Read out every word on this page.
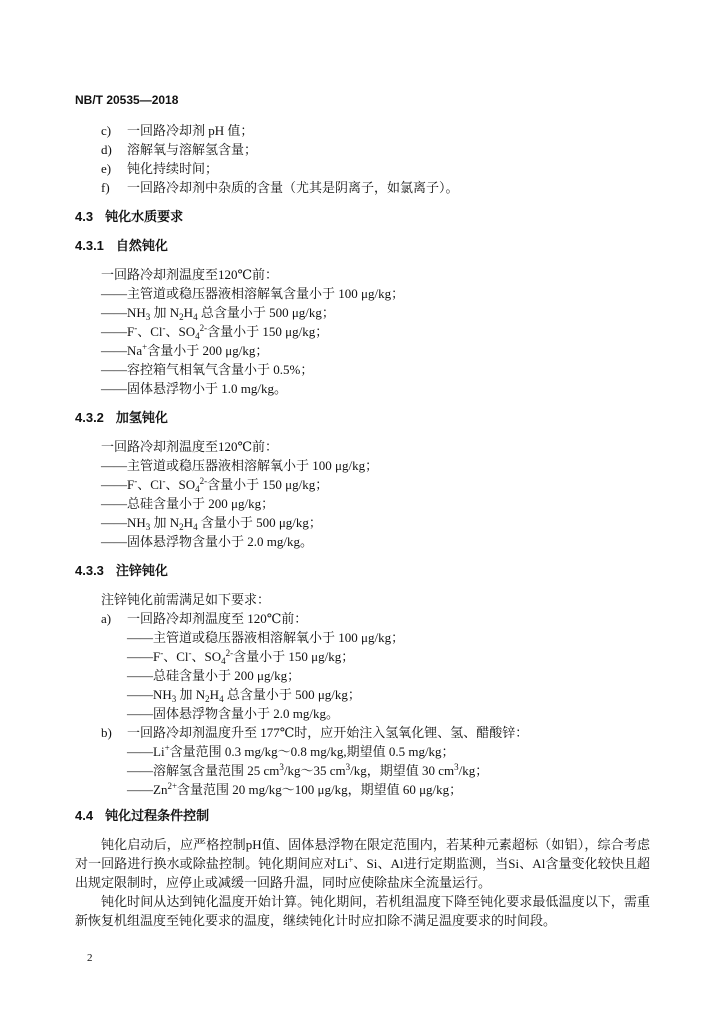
NB/T 20535—2018
c) 一回路冷却剂 pH 值；
d) 溶解氧与溶解氢含量；
e) 钝化持续时间；
f) 一回路冷却剂中杂质的含量（尤其是阴离子，如氯离子）。
4.3 钝化水质要求
4.3.1 自然钝化
一回路冷却剂温度至120℃前：
——主管道或稳压器液相溶解氧含量小于 100 μg/kg；
$——NH_3$ 加 $N_2H_4$ 总含量小于 500 μg/kg；
——F-、Cl-、$SO_4^{2-}$含量小于 150 μg/kg；
——Na+含量小于 200 μg/kg；
——容控箱气相氧气含量小于 0.5%；
——固体悬浮物小于 1.0 mg/kg。
4.3.2 加氢钝化
一回路冷却剂温度至120℃前：
——主管道或稳压器液相溶解氧小于 100 μg/kg；
——F-、Cl-、$SO_4^{2-}$含量小于 150 μg/kg；
——总硅含量小于 200 μg/kg；
$——NH_3$ 加 $N_2H_4$ 含量小于 500 μg/kg；
——固体悬浮物含量小于 2.0 mg/kg。
4.3.3 注锌钝化
注锌钝化前需满足如下要求：
a) 一回路冷却剂温度至 120℃前：
——主管道或稳压器液相溶解氧小于 100 μg/kg；
——F-、Cl-、$SO_4^{2-}$含量小于 150 μg/kg；
——总硅含量小于 200 μg/kg；
$——NH_3$ 加 $N_2H_4$ 总含量小于 500 μg/kg；
——固体悬浮物含量小于 2.0 mg/kg。
b) 一回路冷却剂温度升至 177℃时，应开始注入氢氧化锂、氢、醋酸锌：
——Li+含量范围 0.3 mg/kg～0.8 mg/kg,期望值 0.5 mg/kg；
——溶解氢含量范围 25 $cm^3/kg\sim 35$ $cm^3/kg$，期望值 30 $cm^3/kg$；
$——Zn^{2+}$含量范围 20 mg/kg～100 μg/kg，期望值 60 μg/kg；
4.4 钝化过程条件控制
钝化启动后，应严格控制pH值、固体悬浮物在限定范围内，若某种元素超标（如铝），综合考虑对一回路进行换水或除盐控制。钝化期间应对Li+、Si、Al进行定期监测，当Si、Al含量变化较快且超出规定限制时，应停止或减缓一回路升温，同时应使除盐床全流量运行。
钝化时间从达到钝化温度开始计算。钝化期间，若机组温度下降至钝化要求最低温度以下，需重新恢复机组温度至钝化要求的温度，继续钝化计时应扣除不满足温度要求的时间段。
2
